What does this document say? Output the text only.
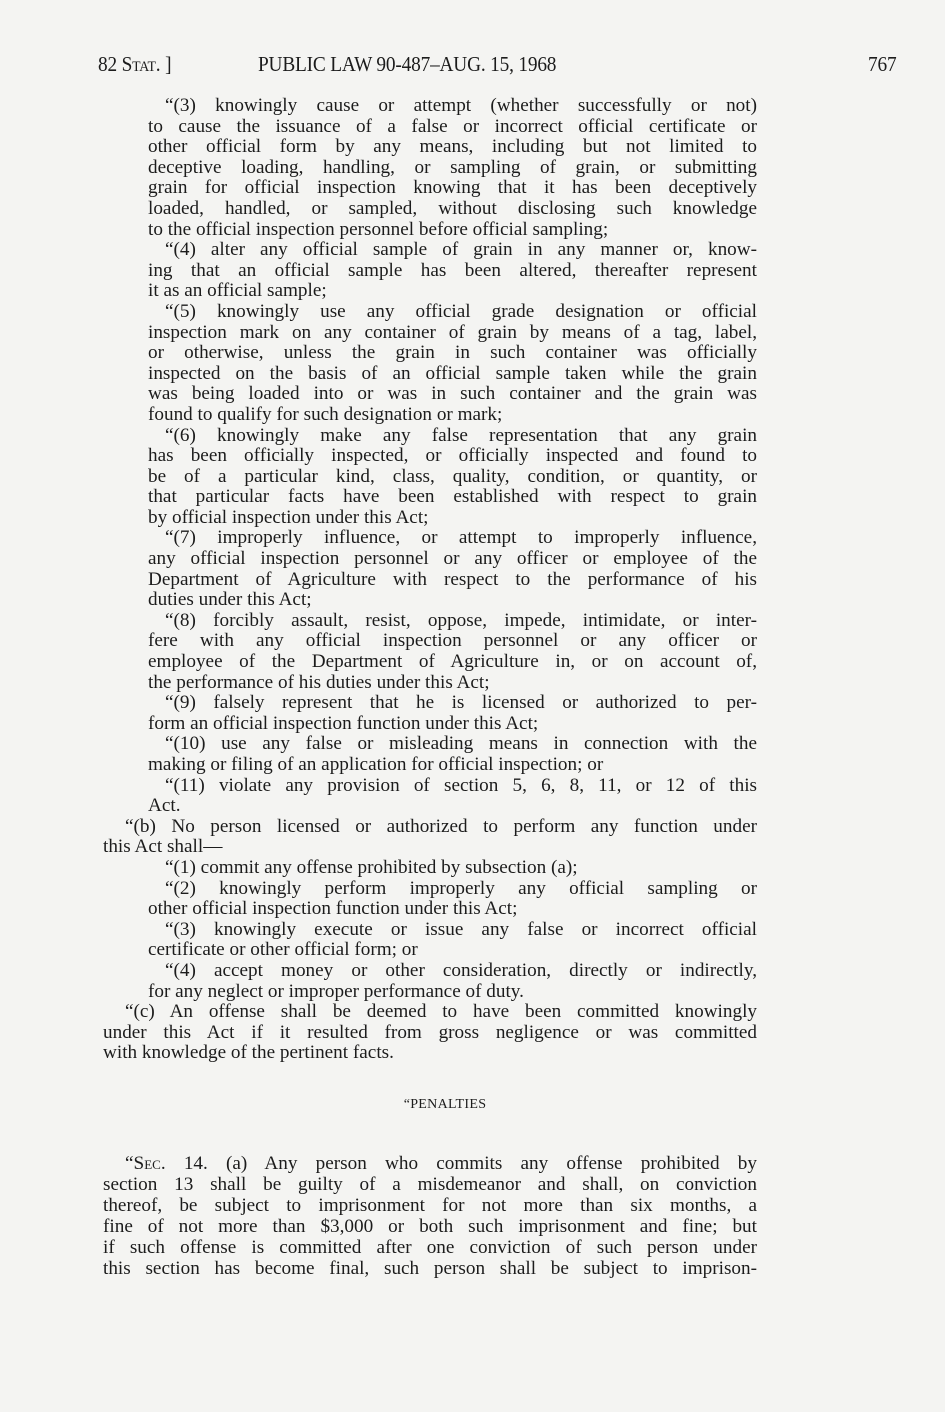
82 Stat. ]	PUBLIC LAW 90-487–AUG. 15, 1968	767
“(3) knowingly cause or attempt (whether successfully or not)
to cause the issuance of a false or incorrect official certificate or
other official form by any means, including but not limited to
deceptive loading, handling, or sampling of grain, or submitting
grain for official inspection knowing that it has been deceptively
loaded, handled, or sampled, without disclosing such knowledge
to the official inspection personnel before official sampling;
“(4) alter any official sample of grain in any manner or, know-
ing that an official sample has been altered, thereafter represent
it as an official sample;
“(5) knowingly use any official grade designation or official
inspection mark on any container of grain by means of a tag, label,
or otherwise, unless the grain in such container was officially
inspected on the basis of an official sample taken while the grain
was being loaded into or was in such container and the grain was
found to qualify for such designation or mark;
“(6) knowingly make any false representation that any grain
has been officially inspected, or officially inspected and found to
be of a particular kind, class, quality, condition, or quantity, or
that particular facts have been established with respect to grain
by official inspection under this Act;
“(7) improperly influence, or attempt to improperly influence,
any official inspection personnel or any officer or employee of the
Department of Agriculture with respect to the performance of his
duties under this Act;
“(8) forcibly assault, resist, oppose, impede, intimidate, or inter-
fere with any official inspection personnel or any officer or
employee of the Department of Agriculture in, or on account of,
the performance of his duties under this Act;
“(9) falsely represent that he is licensed or authorized to per-
form an official inspection function under this Act;
“(10) use any false or misleading means in connection with the
making or filing of an application for official inspection; or
“(11) violate any provision of section 5, 6, 8, 11, or 12 of this
Act.
“(b) No person licensed or authorized to perform any function under
this Act shall—
“(1) commit any offense prohibited by subsection (a);
“(2) knowingly perform improperly any official sampling or
other official inspection function under this Act;
“(3) knowingly execute or issue any false or incorrect official
certificate or other official form; or
“(4) accept money or other consideration, directly or indirectly,
for any neglect or improper performance of duty.
“(c) An offense shall be deemed to have been committed knowingly
under this Act if it resulted from gross negligence or was committed
with knowledge of the pertinent facts.
“PENALTIES
“Sec. 14. (a) Any person who commits any offense prohibited by
section 13 shall be guilty of a misdemeanor and shall, on conviction
thereof, be subject to imprisonment for not more than six months, a
fine of not more than $3,000 or both such imprisonment and fine; but
if such offense is committed after one conviction of such person under
this section has become final, such person shall be subject to imprison-
